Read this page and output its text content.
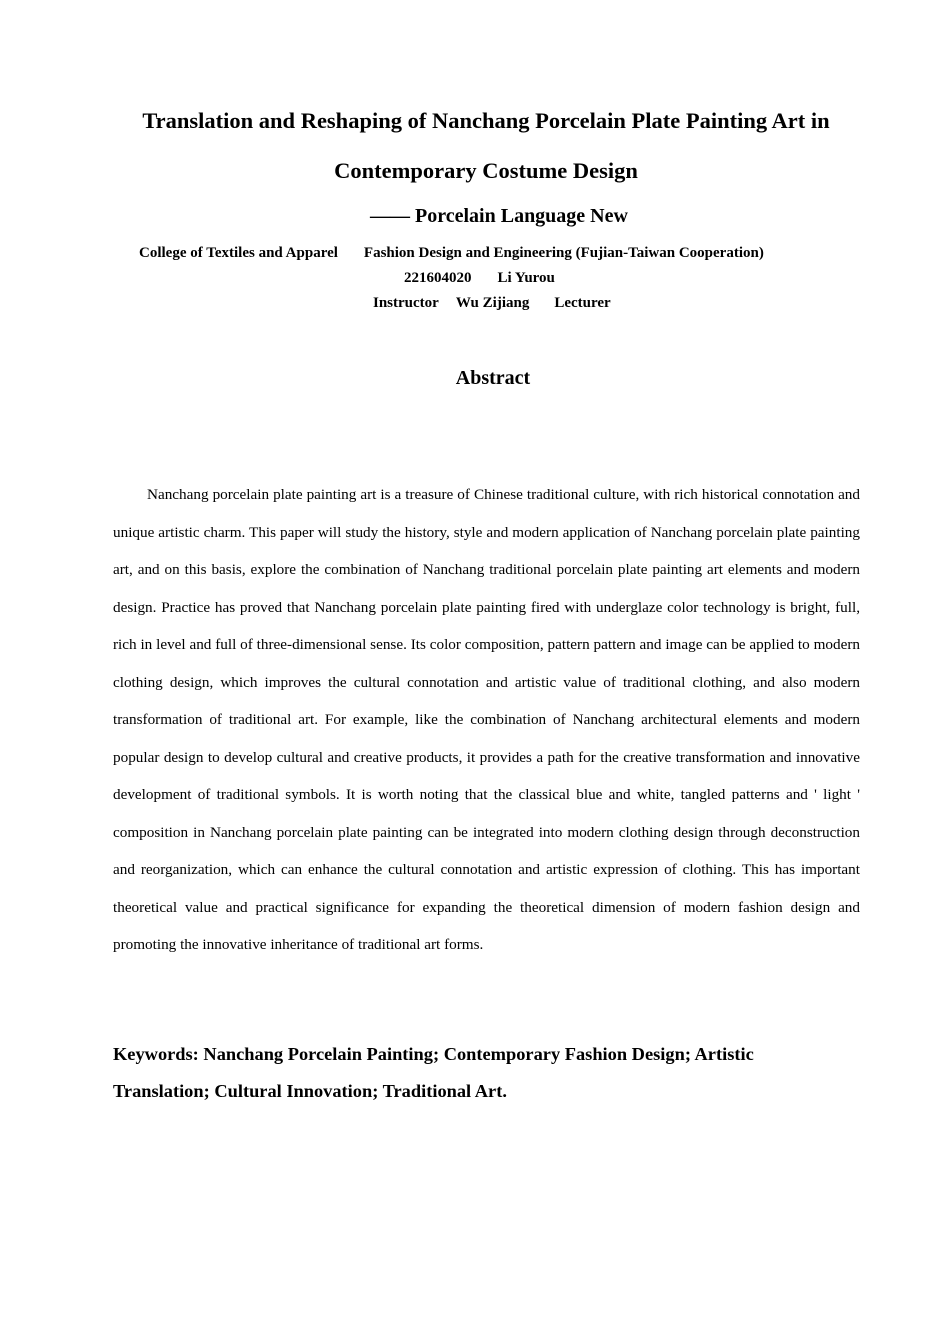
Translation and Reshaping of Nanchang Porcelain Plate Painting Art in
Contemporary Costume Design
—— Porcelain Language New
College of Textiles and Apparel Fashion Design and Engineering (Fujian-Taiwan Cooperation)
221604020 Li Yurou
Instructor Wu Zijiang Lecturer
Abstract

Nanchang porcelain plate painting art is a treasure of Chinese traditional culture, with rich historical connotation and unique artistic charm. This paper will study the history, style and modern application of Nanchang porcelain plate painting art, and on this basis, explore the combination of Nanchang traditional porcelain plate painting art elements and modern design. Practice has proved that Nanchang porcelain plate painting fired with underglaze color technology is bright, full, rich in level and full of three-dimensional sense. Its color composition, pattern pattern and image can be applied to modern clothing design, which improves the cultural connotation and artistic value of traditional clothing, and also modern transformation of traditional art. For example, like the combination of Nanchang architectural elements and modern popular design to develop cultural and creative products, it provides a path for the creative transformation and innovative development of traditional symbols. It is worth noting that the classical blue and white, tangled patterns and ' light ' composition in Nanchang porcelain plate painting can be integrated into modern clothing design through deconstruction and reorganization, which can enhance the cultural connotation and artistic expression of clothing. This has important theoretical value and practical significance for expanding the theoretical dimension of modern fashion design and promoting the innovative inheritance of traditional art forms.

Keywords: Nanchang Porcelain Painting; Contemporary Fashion Design; Artistic Translation; Cultural Innovation; Traditional Art.
